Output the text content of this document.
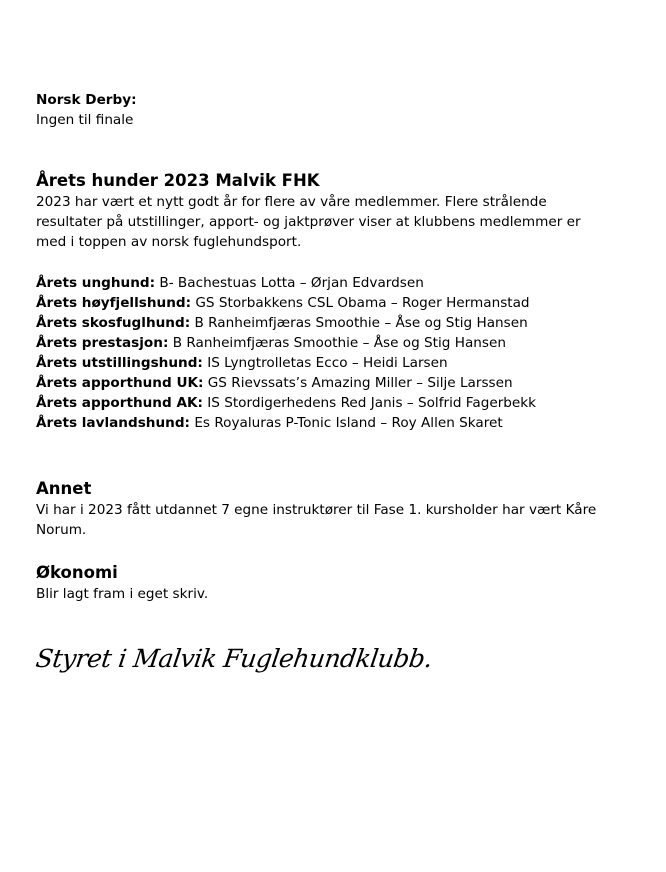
Norsk Derby:
Ingen til finale
Årets hunder 2023 Malvik FHK
2023 har vært et nytt godt år for flere av våre medlemmer. Flere strålende
resultater på utstillinger, apport- og jaktprøver viser at klubbens medlemmer er
med i toppen av norsk fuglehundsport.
Årets unghund: B- Bachestuas Lotta – Ørjan Edvardsen
Årets høyfjellshund: GS Storbakkens CSL Obama – Roger Hermanstad
Årets skosfuglhund: B Ranheimfjæras Smoothie – Åse og Stig Hansen
Årets prestasjon: B Ranheimfjæras Smoothie – Åse og Stig Hansen
Årets utstillingshund: IS Lyngtrolletas Ecco – Heidi Larsen
Årets apporthund UK: GS Rievssats’s Amazing Miller – Silje Larssen
Årets apporthund AK: IS Stordigerhedens Red Janis – Solfrid Fagerbekk
Årets lavlandshund: Es Royaluras P-Tonic Island – Roy Allen Skaret
Annet
Vi har i 2023 fått utdannet 7 egne instruktører til Fase 1. kursholder har vært Kåre
Norum.
Økonomi
Blir lagt fram i eget skriv.
Styret i Malvik Fuglehundklubb.
